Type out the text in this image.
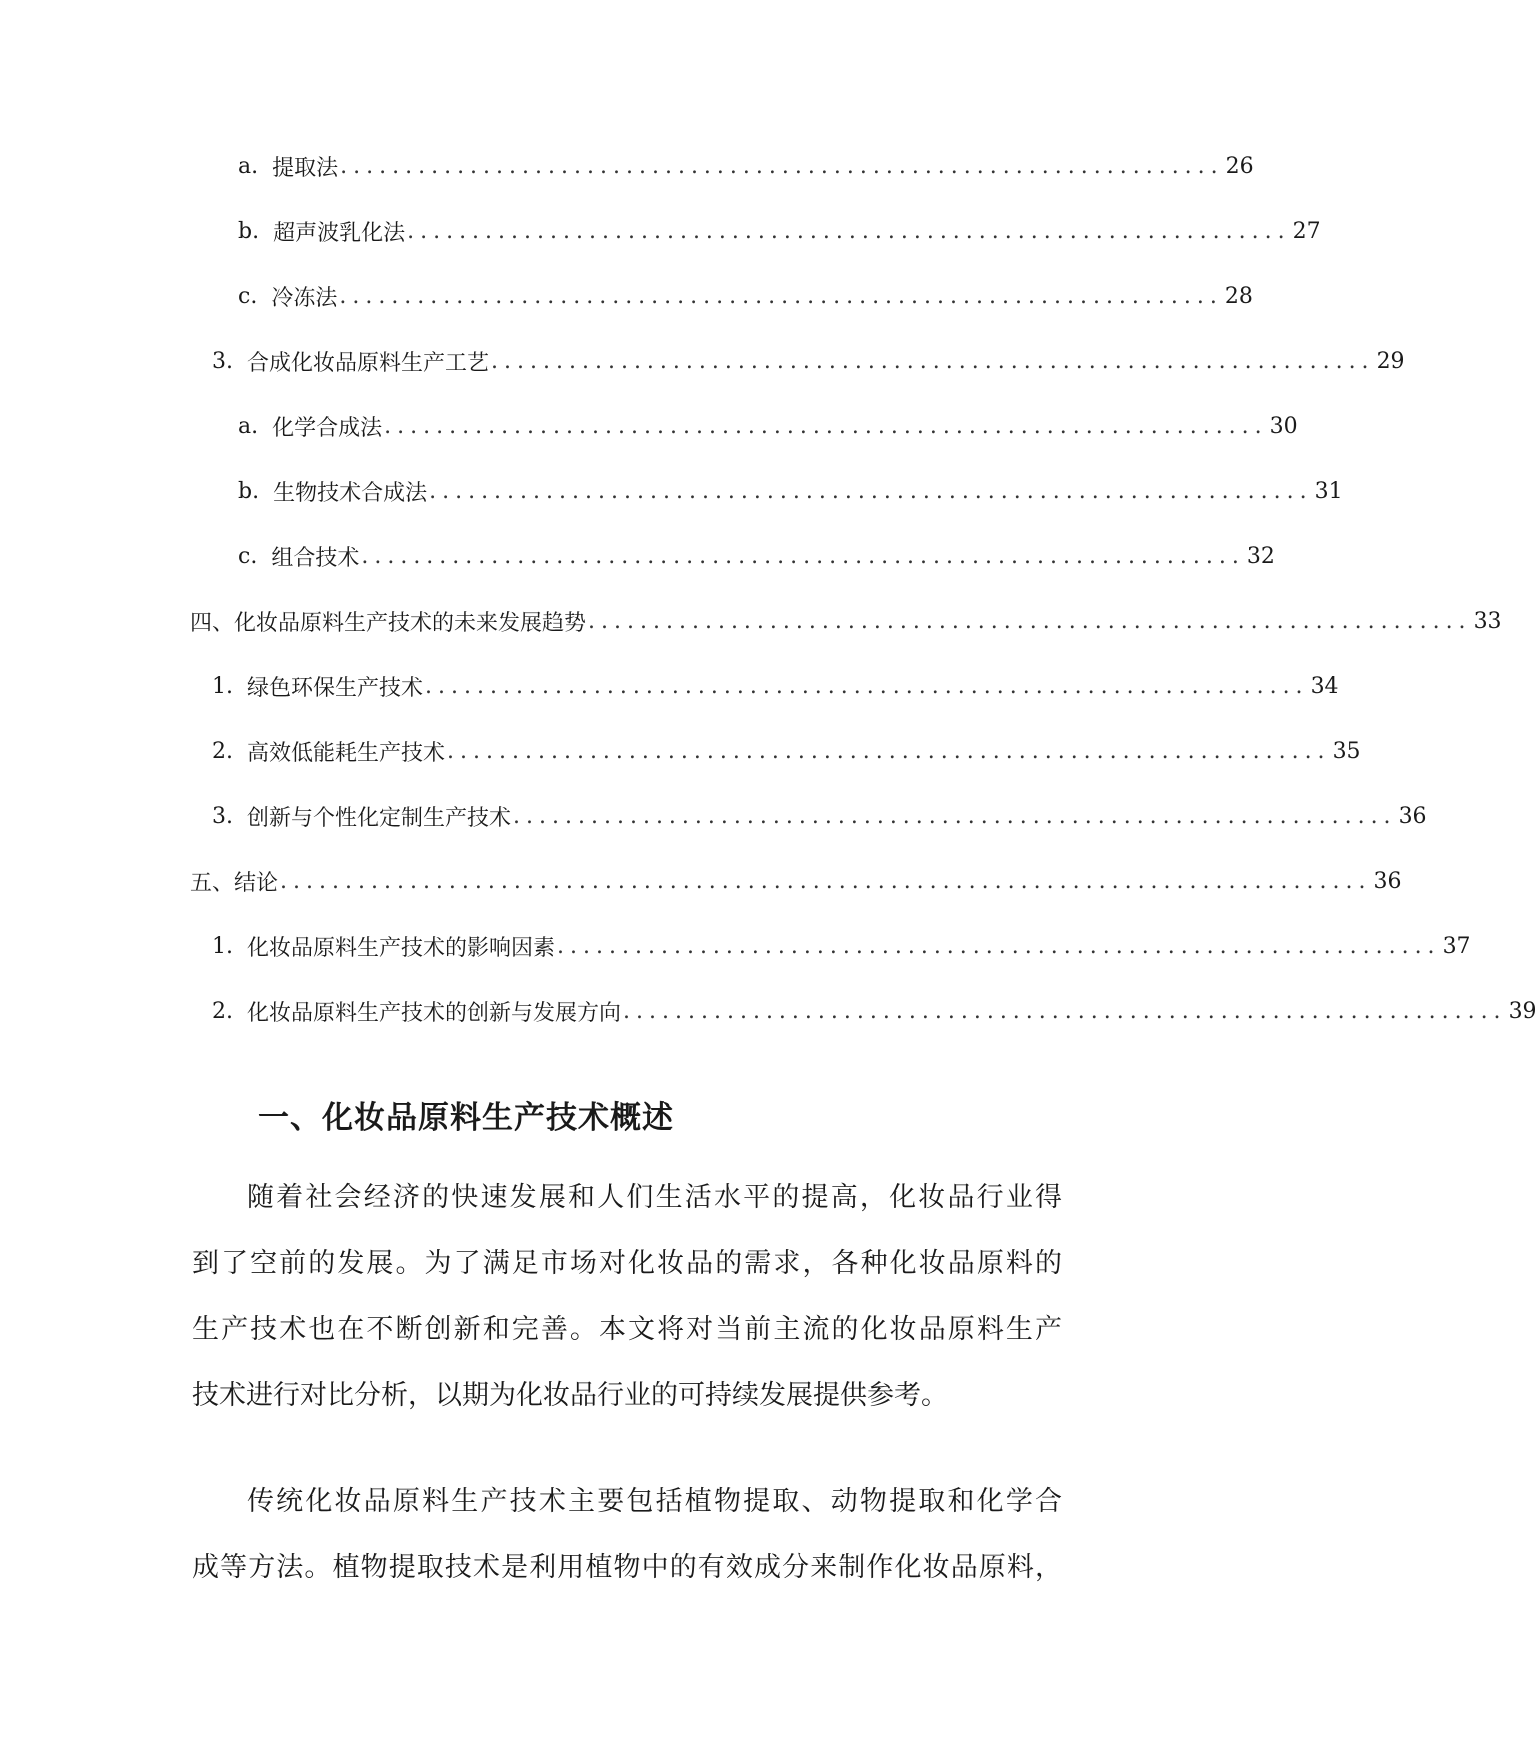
a. 提取法 .................................................................... 26
b. 超声波乳化法 .................................................................... 27
c. 冷冻法 .................................................................... 28
3. 合成化妆品原料生产工艺 .................................................................... 29
a. 化学合成法 .................................................................... 30
b. 生物技术合成法 .................................................................... 31
c. 组合技术 .................................................................... 32
四、化妆品原料生产技术的未来发展趋势 .................................................................... 33
1. 绿色环保生产技术 .................................................................... 34
2. 高效低能耗生产技术 .................................................................... 35
3. 创新与个性化定制生产技术 .................................................................... 36
五、结论 .................................................................................... 36
1. 化妆品原料生产技术的影响因素 .................................................................... 37
2. 化妆品原料生产技术的创新与发展方向 .................................................................... 39
一、化妆品原料生产技术概述
随着社会经济的快速发展和人们生活水平的提高，化妆品行业得
到了空前的发展。为了满足市场对化妆品的需求，各种化妆品原料的
生产技术也在不断创新和完善。本文将对当前主流的化妆品原料生产
技术进行对比分析，以期为化妆品行业的可持续发展提供参考。
传统化妆品原料生产技术主要包括植物提取、动物提取和化学合
成等方法。植物提取技术是利用植物中的有效成分来制作化妆品原料，
